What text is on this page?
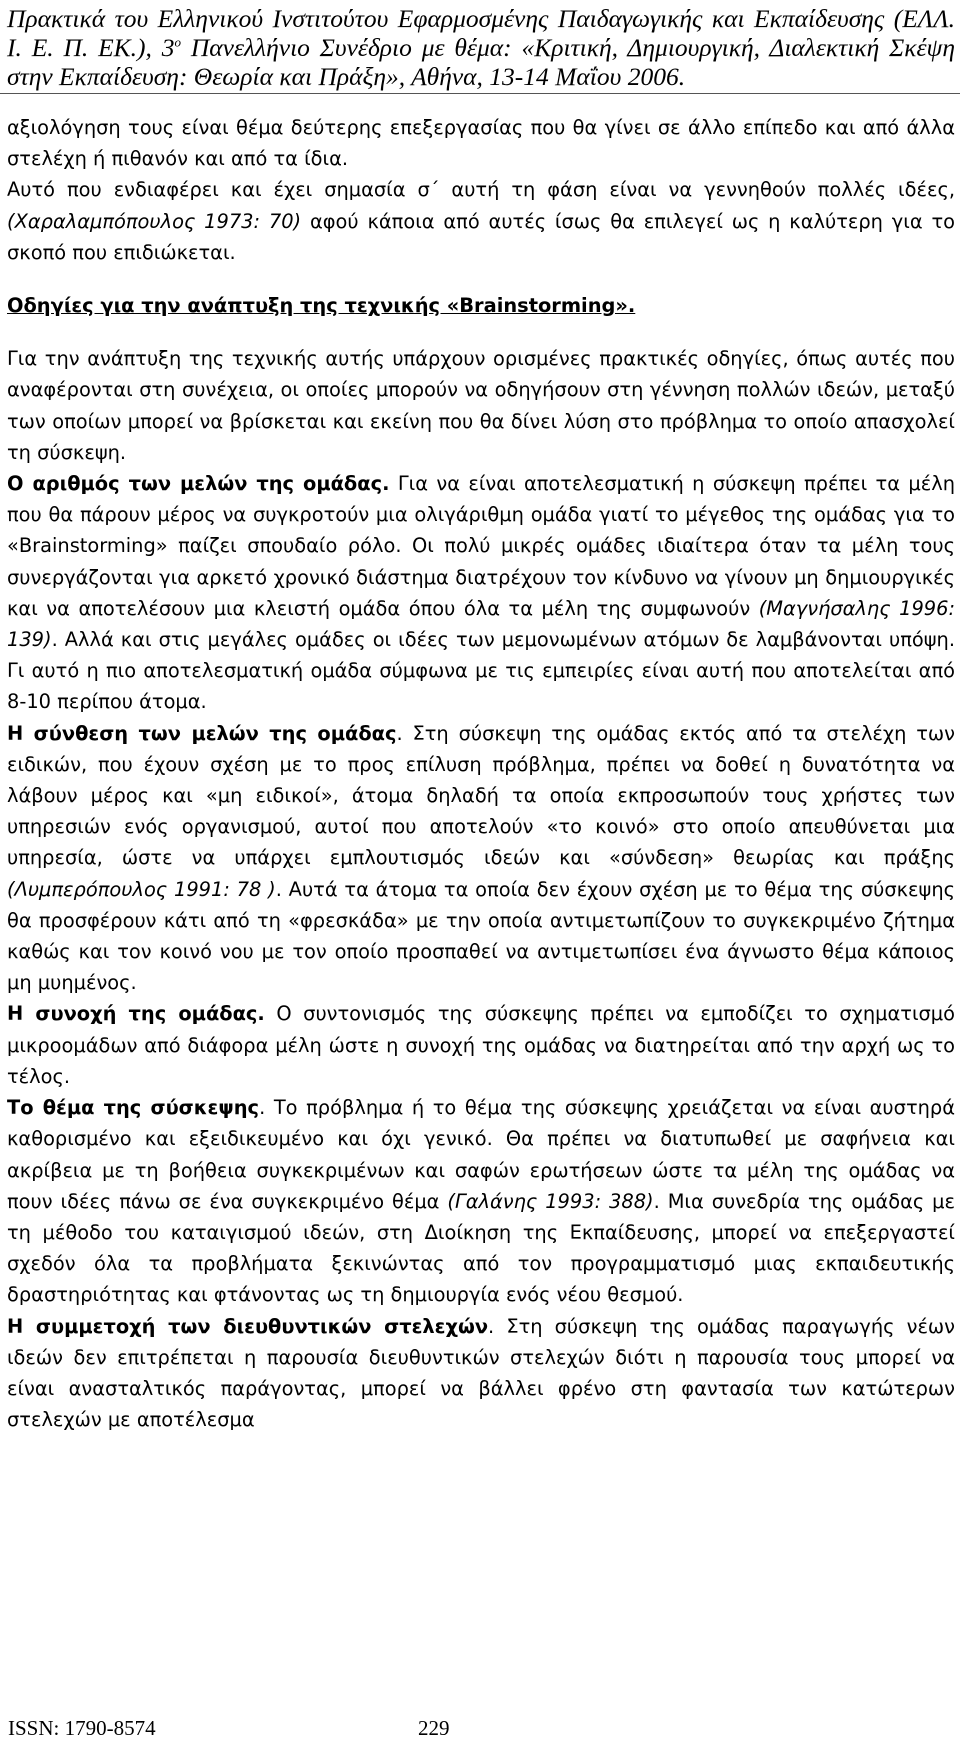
Πρακτικά του Ελληνικού Ινστιτούτου Εφαρμοσμένης Παιδαγωγικής και Εκπαίδευσης (ΕΛΛ.
Ι. Ε. Π. ΕΚ.), $3^o$ Πανελλήνιο Συνέδριο με θέμα: «Κριτική, Δημιουργική, Διαλεκτική Σκέψη
στην Εκπαίδευση: Θεωρία και Πράξη», Αθήνα, 13-14 Μαΐου 2006.

αξιολόγηση τους είναι θέμα δεύτερης επεξεργασίας που θα γίνει σε άλλο επίπεδο και από άλλα στελέχη ή πιθανόν και από τα ίδια.

Αυτό που ενδιαφέρει και έχει σημασία σ΄ αυτή τη φάση είναι να γεννηθούν πολλές ιδέες, (Χαραλαμπόπουλος 1973: 70) αφού κάποια από αυτές ίσως θα επιλεγεί ως η καλύτερη για το σκοπό που επιδιώκεται.

Οδηγίες για την ανάπτυξη της τεχνικής «Brainstorming».

Για την ανάπτυξη της τεχνικής αυτής υπάρχουν ορισμένες πρακτικές οδηγίες, όπως αυτές που αναφέρονται στη συνέχεια, οι οποίες μπορούν να οδηγήσουν στη γέννηση πολλών ιδεών, μεταξύ των οποίων μπορεί να βρίσκεται και εκείνη που θα δίνει λύση στο πρόβλημα το οποίο απασχολεί τη σύσκεψη.

Ο αριθμός των μελών της ομάδας. Για να είναι αποτελεσματική η σύσκεψη πρέπει τα μέλη που θα πάρουν μέρος να συγκροτούν μια ολιγάριθμη ομάδα γιατί το μέγεθος της ομάδας για το «Brainstorming» παίζει σπουδαίο ρόλο. Οι πολύ μικρές ομάδες ιδιαίτερα όταν τα μέλη τους συνεργάζονται για αρκετό χρονικό διάστημα διατρέχουν τον κίνδυνο να γίνουν μη δημιουργικές και να αποτελέσουν μια κλειστή ομάδα όπου όλα τα μέλη της συμφωνούν (Μαγνήσαλης 1996: 139). Αλλά και στις μεγάλες ομάδες οι ιδέες των μεμονωμένων ατόμων δε λαμβάνονται υπόψη. Γι αυτό η πιο αποτελεσματική ομάδα σύμφωνα με τις εμπειρίες είναι αυτή που αποτελείται από 8-10 περίπου άτομα.

Η σύνθεση των μελών της ομάδας. Στη σύσκεψη της ομάδας εκτός από τα στελέχη των ειδικών, που έχουν σχέση με το προς επίλυση πρόβλημα, πρέπει να δοθεί η δυνατότητα να λάβουν μέρος και «μη ειδικοί», άτομα δηλαδή τα οποία εκπροσωπούν τους χρήστες των υπηρεσιών ενός οργανισμού, αυτοί που αποτελούν «το κοινό» στο οποίο απευθύνεται μια υπηρεσία, ώστε να υπάρχει εμπλουτισμός ιδεών και «σύνδεση» θεωρίας και πράξης (Λυμπερόπουλος 1991: 78 ). Αυτά τα άτομα τα οποία δεν έχουν σχέση με το θέμα της σύσκεψης θα προσφέρουν κάτι από τη «φρεσκάδα» με την οποία αντιμετωπίζουν το συγκεκριμένο ζήτημα καθώς και τον κοινό νου με τον οποίο προσπαθεί να αντιμετωπίσει ένα άγνωστο θέμα κάποιος μη μυημένος.

Η συνοχή της ομάδας. Ο συντονισμός της σύσκεψης πρέπει να εμποδίζει το σχηματισμό μικροομάδων από διάφορα μέλη ώστε η συνοχή της ομάδας να διατηρείται από την αρχή ως το τέλος.

Το θέμα της σύσκεψης. Το πρόβλημα ή το θέμα της σύσκεψης χρειάζεται να είναι αυστηρά καθορισμένο και εξειδικευμένο και όχι γενικό. Θα πρέπει να διατυπωθεί με σαφήνεια και ακρίβεια με τη βοήθεια συγκεκριμένων και σαφών ερωτήσεων ώστε τα μέλη της ομάδας να πουν ιδέες πάνω σε ένα συγκεκριμένο θέμα (Γαλάνης 1993: 388). Μια συνεδρία της ομάδας με τη μέθοδο του καταιγισμού ιδεών, στη Διοίκηση της Εκπαίδευσης, μπορεί να επεξεργαστεί σχεδόν όλα τα προβλήματα ξεκινώντας από τον προγραμματισμό μιας εκπαιδευτικής δραστηριότητας και φτάνοντας ως τη δημιουργία ενός νέου θεσμού.

Η συμμετοχή των διευθυντικών στελεχών. Στη σύσκεψη της ομάδας παραγωγής νέων ιδεών δεν επιτρέπεται η παρουσία διευθυντικών στελεχών διότι η παρουσία τους μπορεί να είναι ανασταλτικός παράγοντας, μπορεί να βάλλει φρένο στη φαντασία των κατώτερων στελεχών με αποτέλεσμα

ISSN: 1790-8574	229
